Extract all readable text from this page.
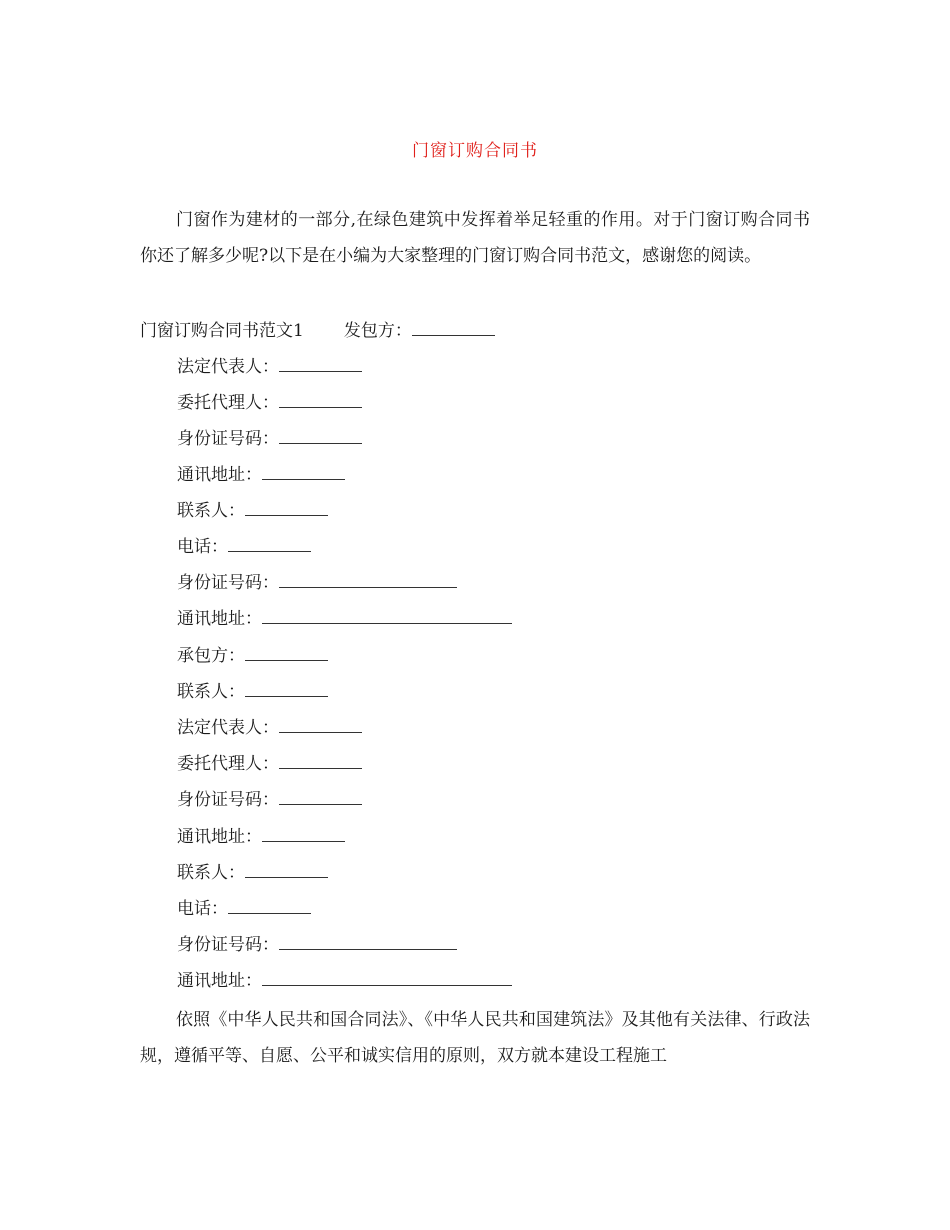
门窗订购合同书
门窗作为建材的一部分,在绿色建筑中发挥着举足轻重的作用。对于门窗订购合同书你还了解多少呢?以下是在小编为大家整理的门窗订购合同书范文，感谢您的阅读。
门窗订购合同书范文1 发包方：
法定代表人：
委托代理人：
身份证号码：
通讯地址：
联系人：
电话：
身份证号码：
通讯地址：
承包方：
联系人：
法定代表人：
委托代理人：
身份证号码：
通讯地址：
联系人：
电话：
身份证号码：
通讯地址：
依照《中华人民共和国合同法》、《中华人民共和国建筑法》及其他有关法律、行政法规，遵循平等、自愿、公平和诚实信用的原则，双方就本建设工程施工
